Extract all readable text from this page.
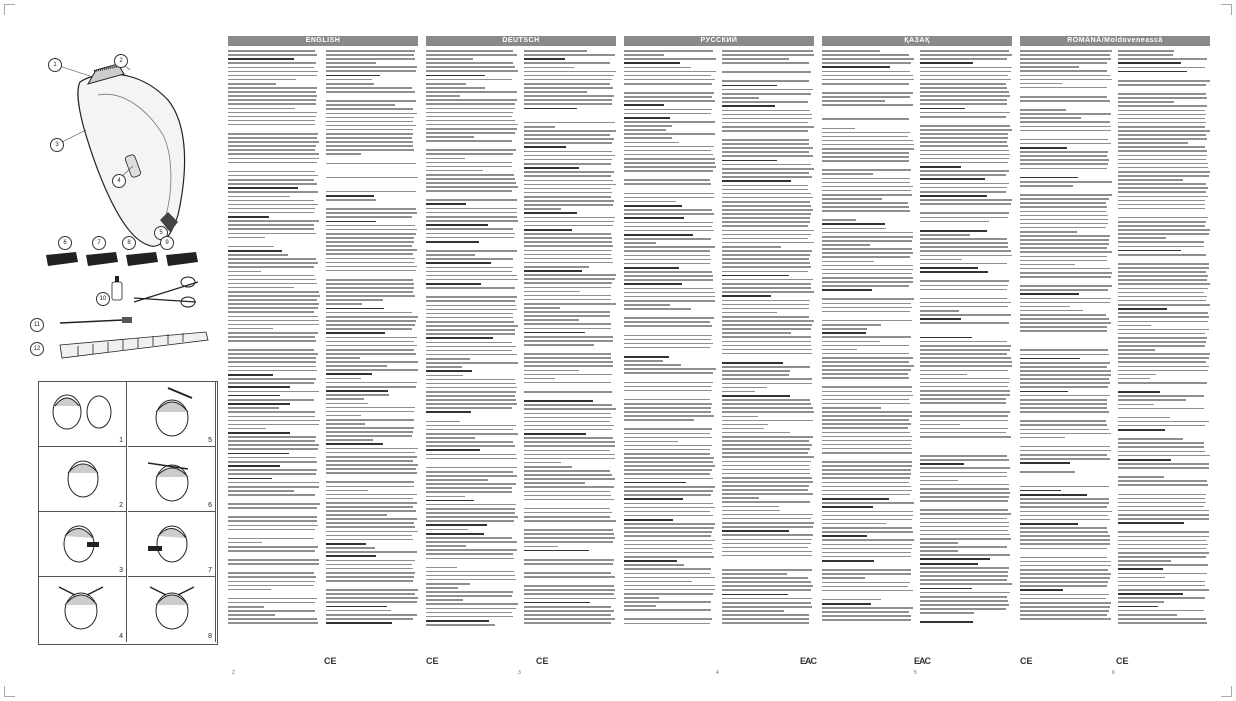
1
2
3
4
5
6	7	8	9
10
11
12
1	5
2	6
3	7
4	8
ENGLISH
CE
2
DEUTSCH
CE	CE
3
РУССКИЙ
EAC
4
ҚАЗАҚ
EAC
5
ROMÂNĂ/Moldovenească
CE	CE
6
